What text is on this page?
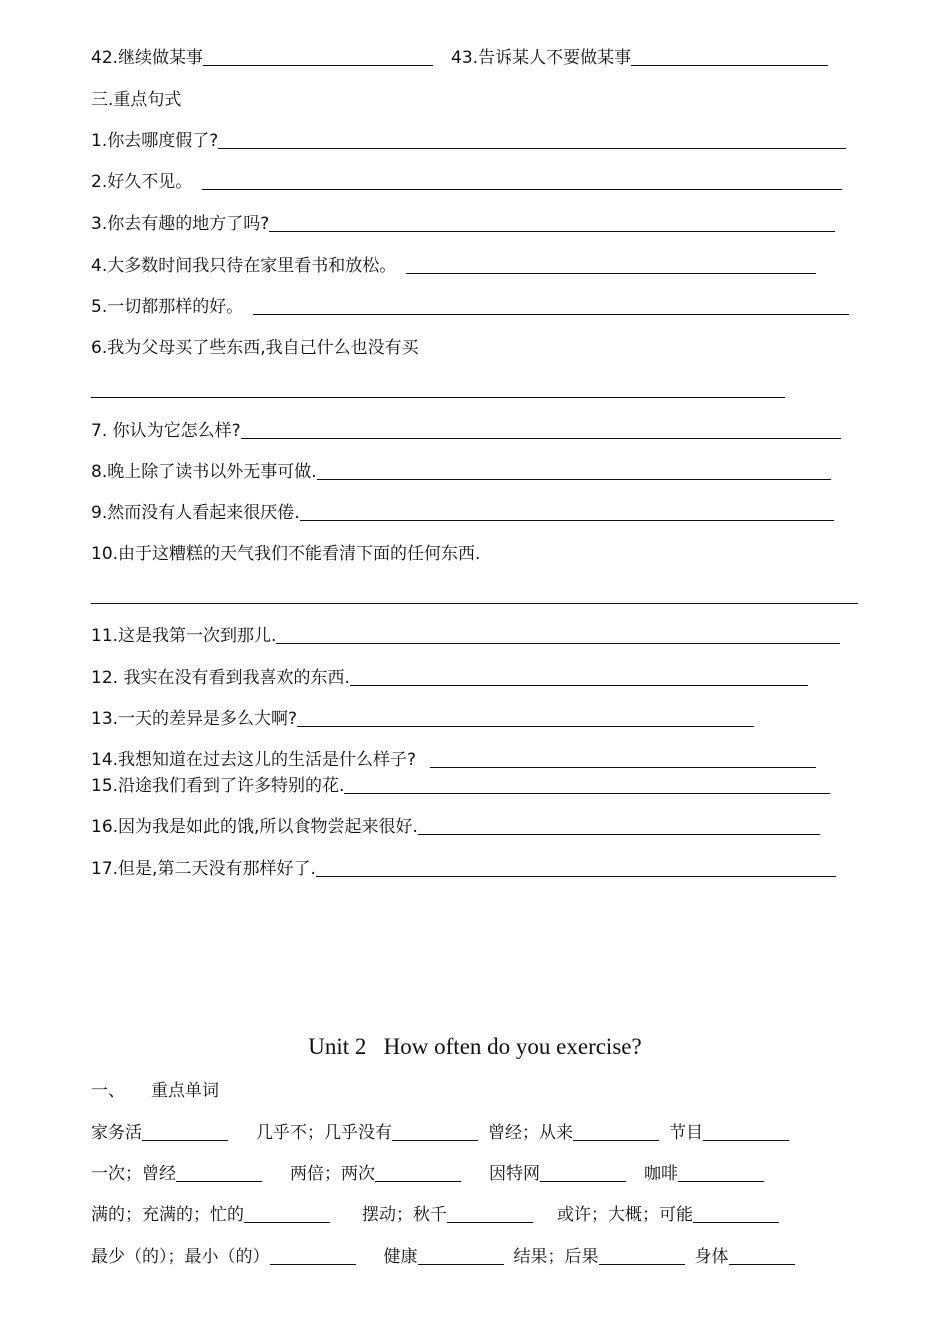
42.继续做某事	43.告诉某人不要做某事
三.重点句式
1.你去哪度假了?
2.好久不见。
3.你去有趣的地方了吗?
4.大多数时间我只待在家里看书和放松。
5.一切都那样的好。
6.我为父母买了些东西,我自己什么也没有买
7. 你认为它怎么样?
8.晚上除了读书以外无事可做.
9.然而没有人看起来很厌倦.
10.由于这糟糕的天气我们不能看清下面的任何东西.
11.这是我第一次到那儿.
12. 我实在没有看到我喜欢的东西.
13.一天的差异是多么大啊?
14.我想知道在过去这儿的生活是什么样子?
15.沿途我们看到了许多特别的花.
16.因为我是如此的饿,所以食物尝起来很好.
17.但是,第二天没有那样好了.
Unit 2 How often do you exercise?
一、 重点单词
家务活	几乎不；几乎没有	曾经；从来	节目
一次；曾经	两倍；两次	因特网	咖啡
满的；充满的；忙的	摆动；秋千	或许；大概；可能
最少（的）；最小（的）	健康	结果；后果	身体
